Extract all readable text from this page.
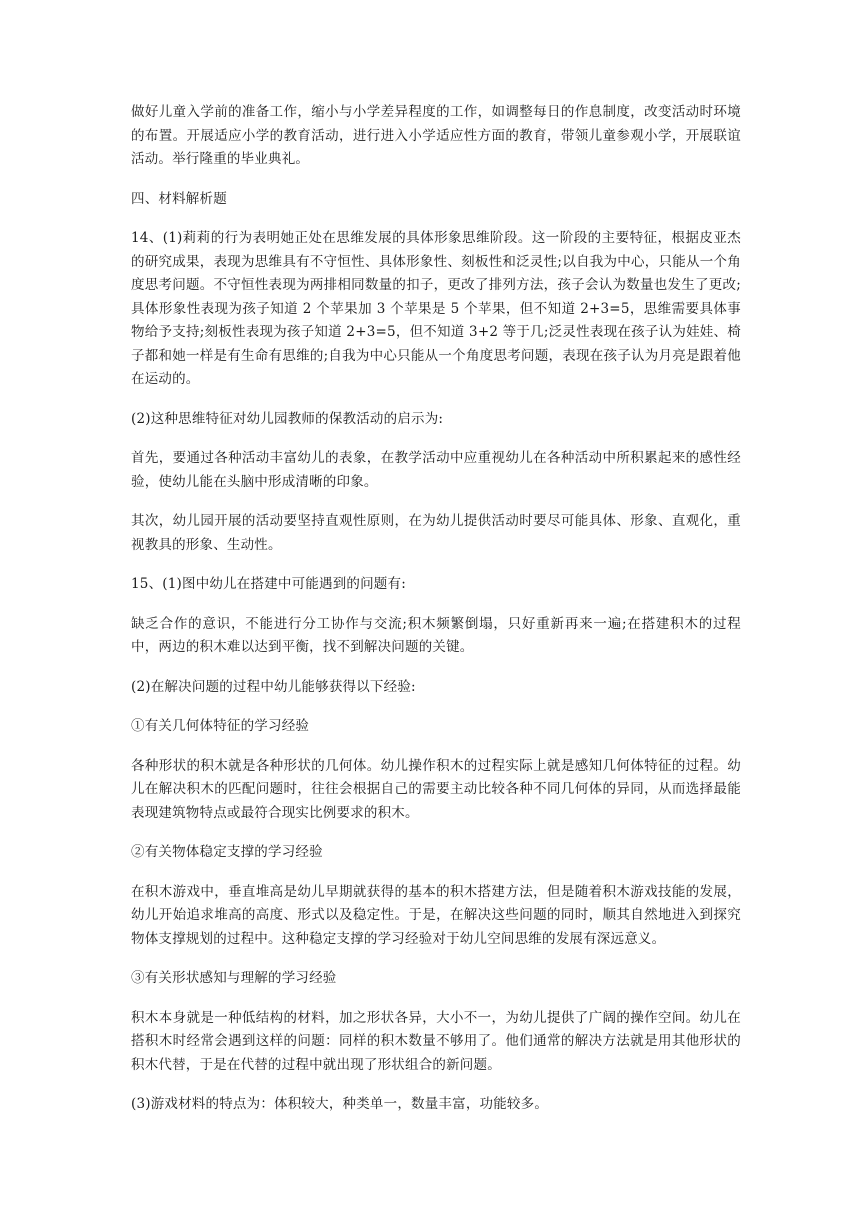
做好儿童入学前的准备工作，缩小与小学差异程度的工作，如调整每日的作息制度，改变活动时环境的布置。开展适应小学的教育活动，进行进入小学适应性方面的教育，带领儿童参观小学，开展联谊活动。举行隆重的毕业典礼。

四、材料解析题

14、(1)莉莉的行为表明她正处在思维发展的具体形象思维阶段。这一阶段的主要特征，根据皮亚杰的研究成果，表现为思维具有不守恒性、具体形象性、刻板性和泛灵性;以自我为中心，只能从一个角度思考问题。不守恒性表现为两排相同数量的扣子，更改了排列方法，孩子会认为数量也发生了更改;具体形象性表现为孩子知道 2 个苹果加 3 个苹果是 5 个苹果，但不知道 2+3=5，思维需要具体事物给予支持;刻板性表现为孩子知道 2+3=5，但不知道 3+2 等于几;泛灵性表现在孩子认为娃娃、椅子都和她一样是有生命有思维的;自我为中心只能从一个角度思考问题，表现在孩子认为月亮是跟着他在运动的。

(2)这种思维特征对幼儿园教师的保教活动的启示为:

首先，要通过各种活动丰富幼儿的表象，在教学活动中应重视幼儿在各种活动中所积累起来的感性经验，使幼儿能在头脑中形成清晰的印象。

其次，幼儿园开展的活动要坚持直观性原则，在为幼儿提供活动时要尽可能具体、形象、直观化，重视教具的形象、生动性。

15、(1)图中幼儿在搭建中可能遇到的问题有:

缺乏合作的意识，不能进行分工协作与交流;积木频繁倒塌，只好重新再来一遍;在搭建积木的过程中，两边的积木难以达到平衡，找不到解决问题的关键。

(2)在解决问题的过程中幼儿能够获得以下经验:

①有关几何体特征的学习经验

各种形状的积木就是各种形状的几何体。幼儿操作积木的过程实际上就是感知几何体特征的过程。幼儿在解决积木的匹配问题时，往往会根据自己的需要主动比较各种不同几何体的异同，从而选择最能表现建筑物特点或最符合现实比例要求的积木。

②有关物体稳定支撑的学习经验

在积木游戏中，垂直堆高是幼儿早期就获得的基本的积木搭建方法，但是随着积木游戏技能的发展，幼儿开始追求堆高的高度、形式以及稳定性。于是，在解决这些问题的同时，顺其自然地进入到探究物体支撑规划的过程中。这种稳定支撑的学习经验对于幼儿空间思维的发展有深远意义。

③有关形状感知与理解的学习经验

积木本身就是一种低结构的材料，加之形状各异，大小不一，为幼儿提供了广阔的操作空间。幼儿在搭积木时经常会遇到这样的问题：同样的积木数量不够用了。他们通常的解决方法就是用其他形状的积木代替，于是在代替的过程中就出现了形状组合的新问题。

(3)游戏材料的特点为：体积较大，种类单一，数量丰富，功能较多。
